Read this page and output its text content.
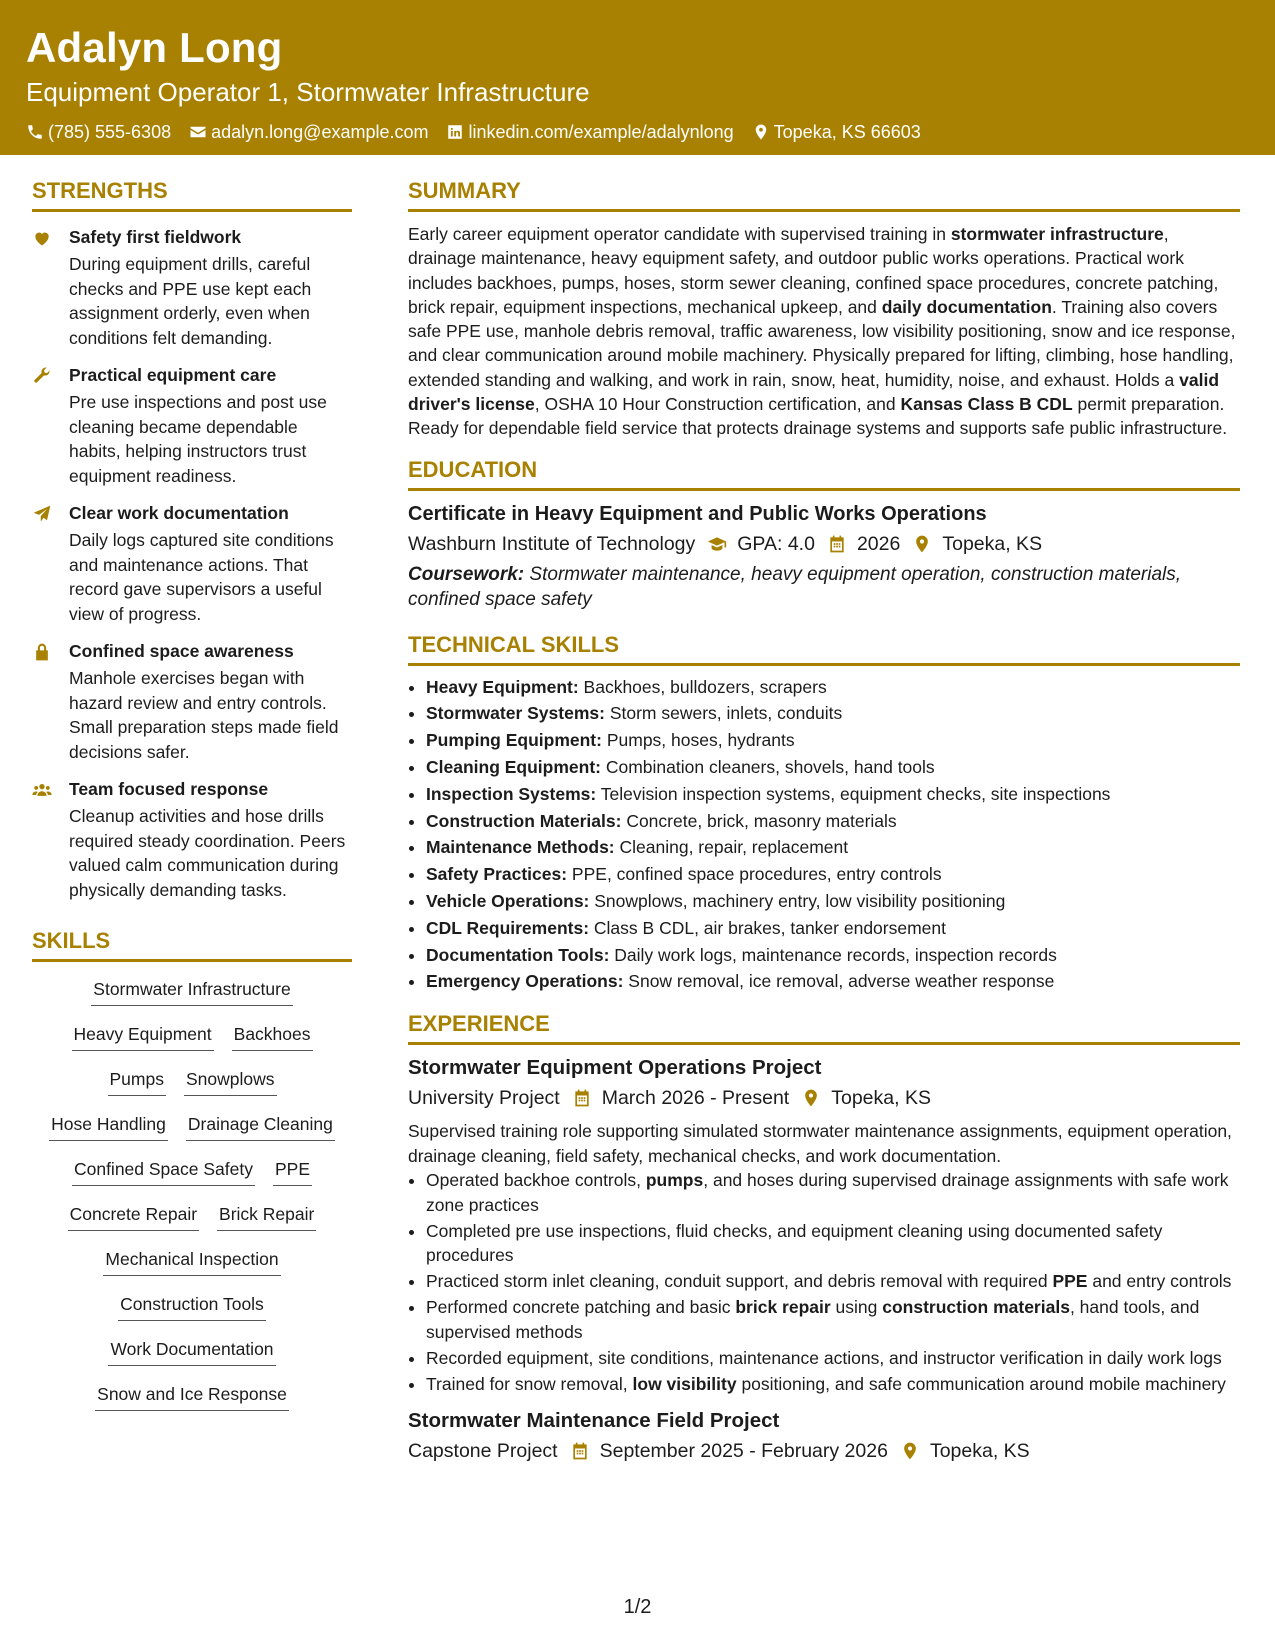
Adalyn Long
Equipment Operator 1, Stormwater Infrastructure
(785) 555-6308 adalyn.long@example.com linkedin.com/example/adalynlong Topeka, KS 66603
STRENGTHS
Safety first fieldwork
During equipment drills, careful checks and PPE use kept each assignment orderly, even when conditions felt demanding.
Practical equipment care
Pre use inspections and post use cleaning became dependable habits, helping instructors trust equipment readiness.
Clear work documentation
Daily logs captured site conditions and maintenance actions. That record gave supervisors a useful view of progress.
Confined space awareness
Manhole exercises began with hazard review and entry controls. Small preparation steps made field decisions safer.
Team focused response
Cleanup activities and hose drills required steady coordination. Peers valued calm communication during physically demanding tasks.
SKILLS
Stormwater Infrastructure
Heavy Equipment Backhoes
Pumps Snowplows
Hose Handling Drainage Cleaning
Confined Space Safety PPE
Concrete Repair Brick Repair
Mechanical Inspection
Construction Tools
Work Documentation
Snow and Ice Response
SUMMARY
Early career equipment operator candidate with supervised training in stormwater infrastructure, drainage maintenance, heavy equipment safety, and outdoor public works operations. Practical work includes backhoes, pumps, hoses, storm sewer cleaning, confined space procedures, concrete patching, brick repair, equipment inspections, mechanical upkeep, and daily documentation. Training also covers safe PPE use, manhole debris removal, traffic awareness, low visibility positioning, snow and ice response, and clear communication around mobile machinery. Physically prepared for lifting, climbing, hose handling, extended standing and walking, and work in rain, snow, heat, humidity, noise, and exhaust. Holds a valid driver's license, OSHA 10 Hour Construction certification, and Kansas Class B CDL permit preparation. Ready for dependable field service that protects drainage systems and supports safe public infrastructure.
EDUCATION
Certificate in Heavy Equipment and Public Works Operations
Washburn Institute of Technology GPA: 4.0 2026 Topeka, KS
Coursework: Stormwater maintenance, heavy equipment operation, construction materials, confined space safety
TECHNICAL SKILLS
• Heavy Equipment: Backhoes, bulldozers, scrapers
• Stormwater Systems: Storm sewers, inlets, conduits
• Pumping Equipment: Pumps, hoses, hydrants
• Cleaning Equipment: Combination cleaners, shovels, hand tools
• Inspection Systems: Television inspection systems, equipment checks, site inspections
• Construction Materials: Concrete, brick, masonry materials
• Maintenance Methods: Cleaning, repair, replacement
• Safety Practices: PPE, confined space procedures, entry controls
• Vehicle Operations: Snowplows, machinery entry, low visibility positioning
• CDL Requirements: Class B CDL, air brakes, tanker endorsement
• Documentation Tools: Daily work logs, maintenance records, inspection records
• Emergency Operations: Snow removal, ice removal, adverse weather response
EXPERIENCE
Stormwater Equipment Operations Project
University Project March 2026 - Present Topeka, KS
Supervised training role supporting simulated stormwater maintenance assignments, equipment operation, drainage cleaning, field safety, mechanical checks, and work documentation.
• Operated backhoe controls, pumps, and hoses during supervised drainage assignments with safe work zone practices
• Completed pre use inspections, fluid checks, and equipment cleaning using documented safety procedures
• Practiced storm inlet cleaning, conduit support, and debris removal with required PPE and entry controls
• Performed concrete patching and basic brick repair using construction materials, hand tools, and supervised methods
• Recorded equipment, site conditions, maintenance actions, and instructor verification in daily work logs
• Trained for snow removal, low visibility positioning, and safe communication around mobile machinery
Stormwater Maintenance Field Project
Capstone Project September 2025 - February 2026 Topeka, KS
1/2
